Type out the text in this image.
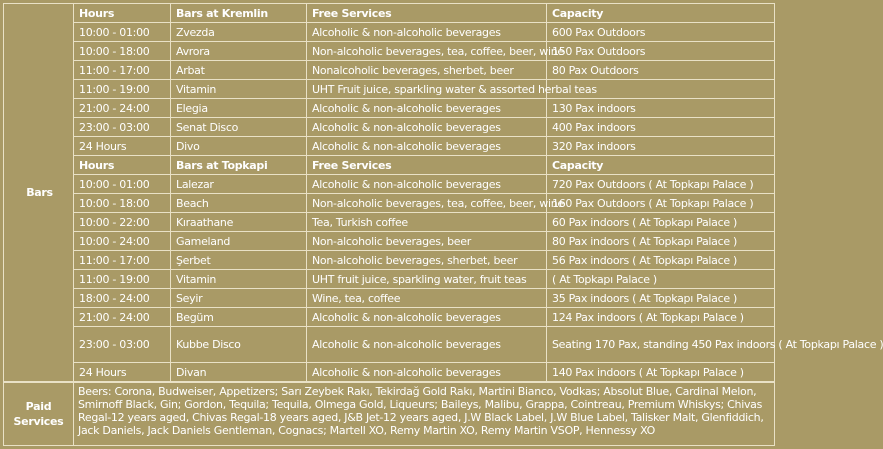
Bars	Hours	Bars at Kremlin	Free Services	Capacity
	10:00 - 01:00	Zvezda	Alcoholic & non-alcoholic beverages	600 Pax Outdoors
	10:00 - 18:00	Avrora	Non-alcoholic beverages, tea, coffee, beer, wine	150 Pax Outdoors
	11:00 - 17:00	Arbat	Nonalcoholic beverages, sherbet, beer	80 Pax Outdoors
	11:00 - 19:00	Vitamin	UHT Fruit juice, sparkling water & assorted herbal teas	
	21:00 - 24:00	Elegia	Alcoholic & non-alcoholic beverages	130 Pax indoors
	23:00 - 03:00	Senat Disco	Alcoholic & non-alcoholic beverages	400 Pax indoors
	24 Hours	Divo	Alcoholic & non-alcoholic beverages	320 Pax indoors
	Hours	Bars at Topkapi	Free Services	Capacity
	10:00 - 01:00	Lalezar	Alcoholic & non-alcoholic beverages	720 Pax Outdoors ( At Topkapı Palace )
	10:00 - 18:00	Beach	Non-alcoholic beverages, tea, coffee, beer, wine	160 Pax Outdoors ( At Topkapı Palace )
	10:00 - 22:00	Kıraathane	Tea, Turkish coffee	60 Pax indoors ( At Topkapı Palace )
	10:00 - 24:00	Gameland	Non-alcoholic beverages, beer	80 Pax indoors ( At Topkapı Palace )
	11:00 - 17:00	Şerbet	Non-alcoholic beverages, sherbet, beer	56 Pax indoors ( At Topkapı Palace )
	11:00 - 19:00	Vitamin	UHT fruit juice, sparkling water, fruit teas	( At Topkapı Palace )
	18:00 - 24:00	Seyir	Wine, tea, coffee	35 Pax indoors ( At Topkapı Palace )
	21:00 - 24:00	Begüm	Alcoholic & non-alcoholic beverages	124 Pax indoors ( At Topkapı Palace )
	23:00 - 03:00	Kubbe Disco	Alcoholic & non-alcoholic beverages	Seating 170 Pax, standing 450 Pax indoors ( At Topkapı Palace )
	24 Hours	Divan	Alcoholic & non-alcoholic beverages	140 Pax indoors ( At Topkapı Palace )
Paid
Services
	Beers: Corona, Budweiser, Appetizers; Sarı Zeybek Rakı, Tekirdağ Gold Rakı, Martini Bianco, Vodkas; Absolut Blue, Cardinal Melon, Smirnoff Black, Gin; Gordon, Tequila; Tequila, Olmega Gold, Liqueurs; Baileys, Malibu, Grappa, Cointreau, Premium Whiskys; Chivas Regal-12 years aged, Chivas Regal-18 years aged, J&B Jet-12 years aged, J.W Black Label, J.W Blue Label, Talisker Malt, Glenfiddich, Jack Daniels, Jack Daniels Gentleman, Cognacs; Martell XO, Remy Martin XO, Remy Martin VSOP, Hennessy XO
